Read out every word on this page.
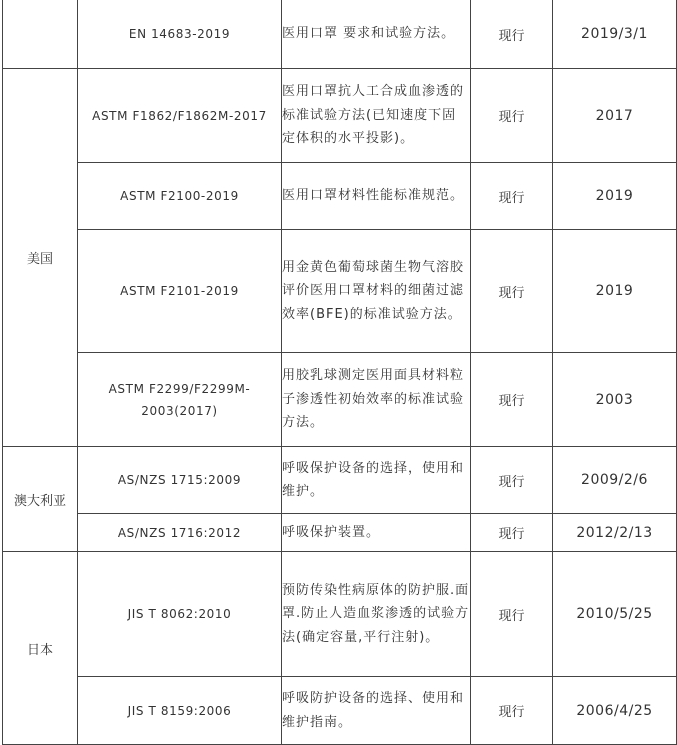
	EN 14683-2019	医用口罩 要求和试验方法。	现行	2019/3/1
美国	ASTM F1862/F1862M-2017	医用口罩抗人工合成血渗透的标准试验方法(已知速度下固定体积的水平投影)。	现行	2017
	ASTM F2100-2019	医用口罩材料性能标准规范。	现行	2019
	ASTM F2101-2019	用金黄色葡萄球菌生物气溶胶评价医用口罩材料的细菌过滤效率(BFE)的标准试验方法。	现行	2019
	ASTM F2299/F2299M-2003(2017)	用胶乳球测定医用面具材料粒子渗透性初始效率的标准试验方法。	现行	2003
澳大利亚	AS/NZS 1715:2009	呼吸保护设备的选择，使用和维护。	现行	2009/2/6
	AS/NZS 1716:2012	呼吸保护装置。	现行	2012/2/13
日本	JIS T 8062:2010	预防传染性病原体的防护服.面罩.防止人造血浆渗透的试验方法(确定容量,平行注射)。	现行	2010/5/25
	JIS T 8159:2006	呼吸防护设备的选择、使用和维护指南。	现行	2006/4/25
